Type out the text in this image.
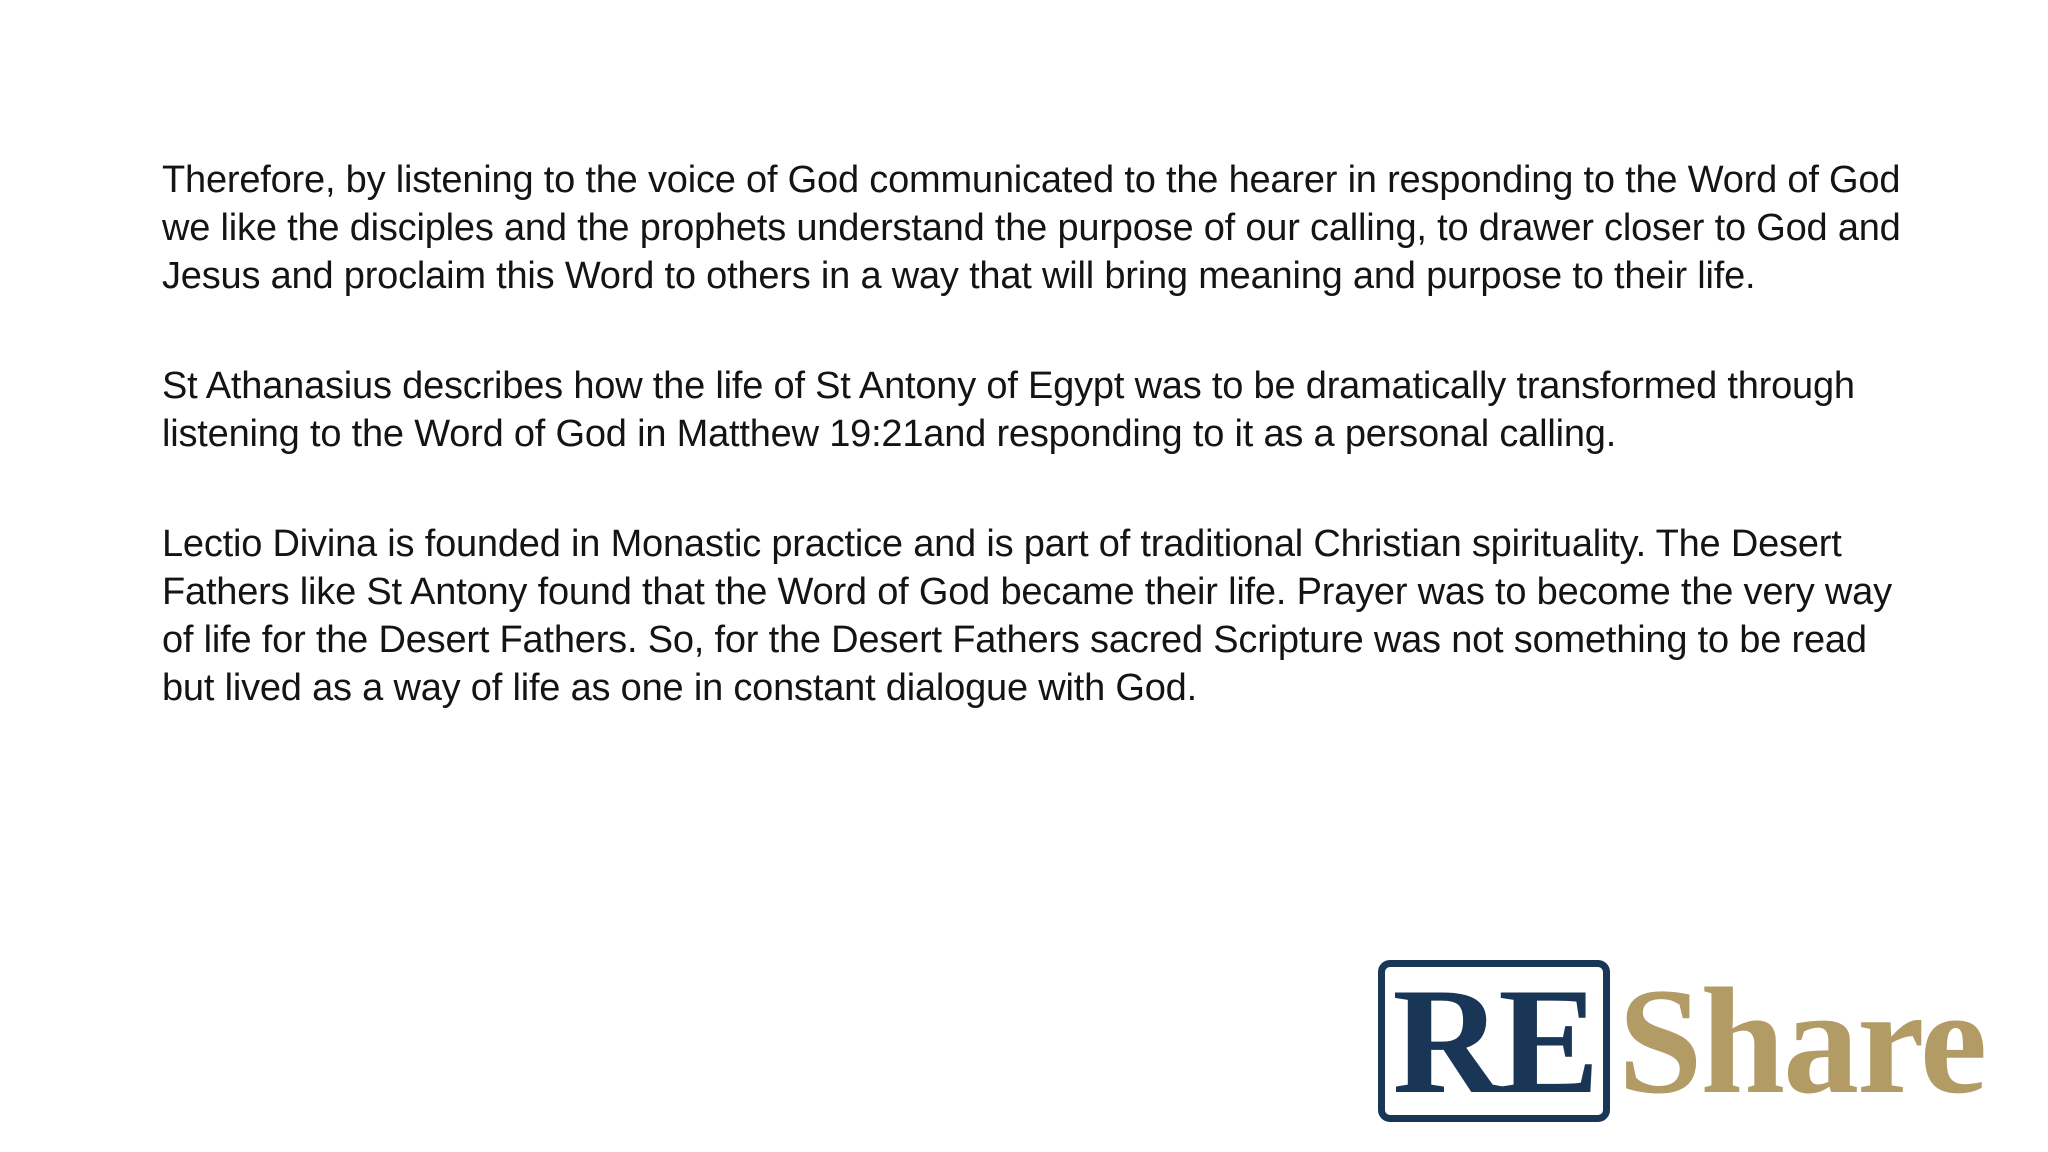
Therefore, by listening to the voice of God communicated to the hearer in responding to the Word of God we like the disciples and the prophets understand the purpose of our calling, to drawer closer to God and Jesus and proclaim this Word to others in a way that will bring meaning and purpose to their life.

St Athanasius describes how the life of St Antony of Egypt was to be dramatically transformed through listening to the Word of God in Matthew 19:21and responding to it as a personal calling.

Lectio Divina is founded in Monastic practice and is part of traditional Christian spirituality. The Desert Fathers like St Antony found that the Word of God became their life. Prayer was to become the very way of life for the Desert Fathers. So, for the Desert Fathers sacred Scripture was not something to be read but lived as a way of life as one in constant dialogue with God.

RE Share
